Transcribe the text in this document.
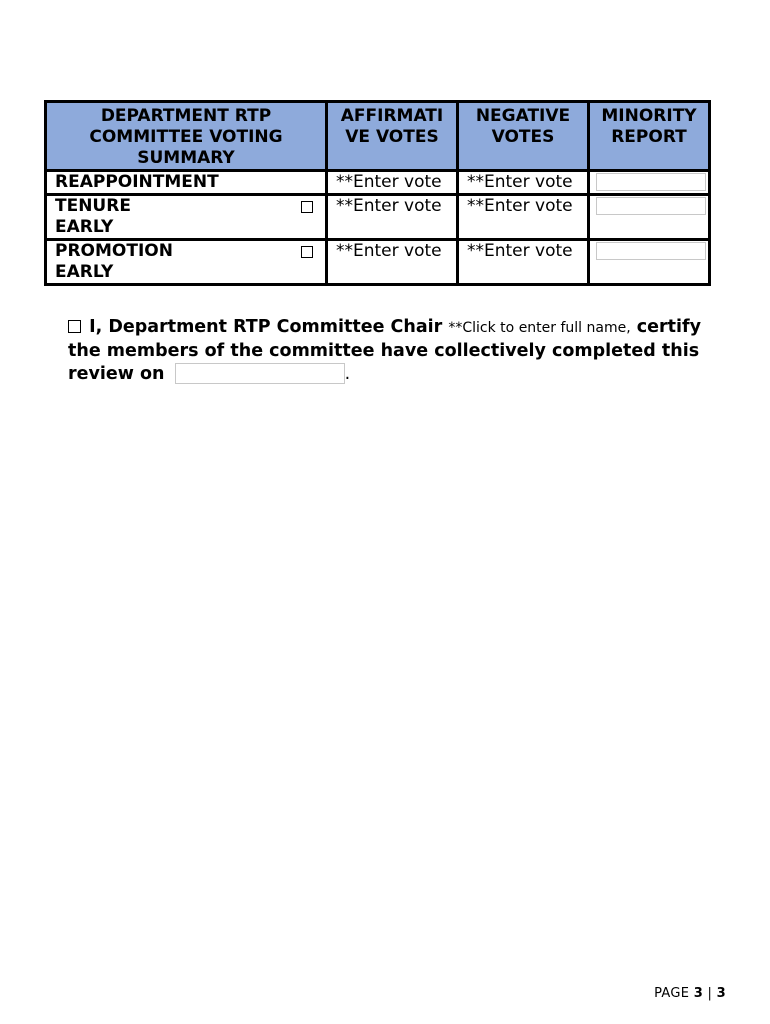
DEPARTMENT RTP COMMITTEE VOTING SUMMARY	AFFIRMATI VE VOTES	NEGATIVE VOTES	MINORITY REPORT

REAPPOINTMENT	**Enter vote	**Enter vote	

TENURE
EARLY	**Enter vote	**Enter vote	

PROMOTION
EARLY	**Enter vote	**Enter vote	
I, Department RTP Committee Chair **Click to enter full name, certify the members of the committee have collectively completed this review on	.
PAGE 3 | 3
